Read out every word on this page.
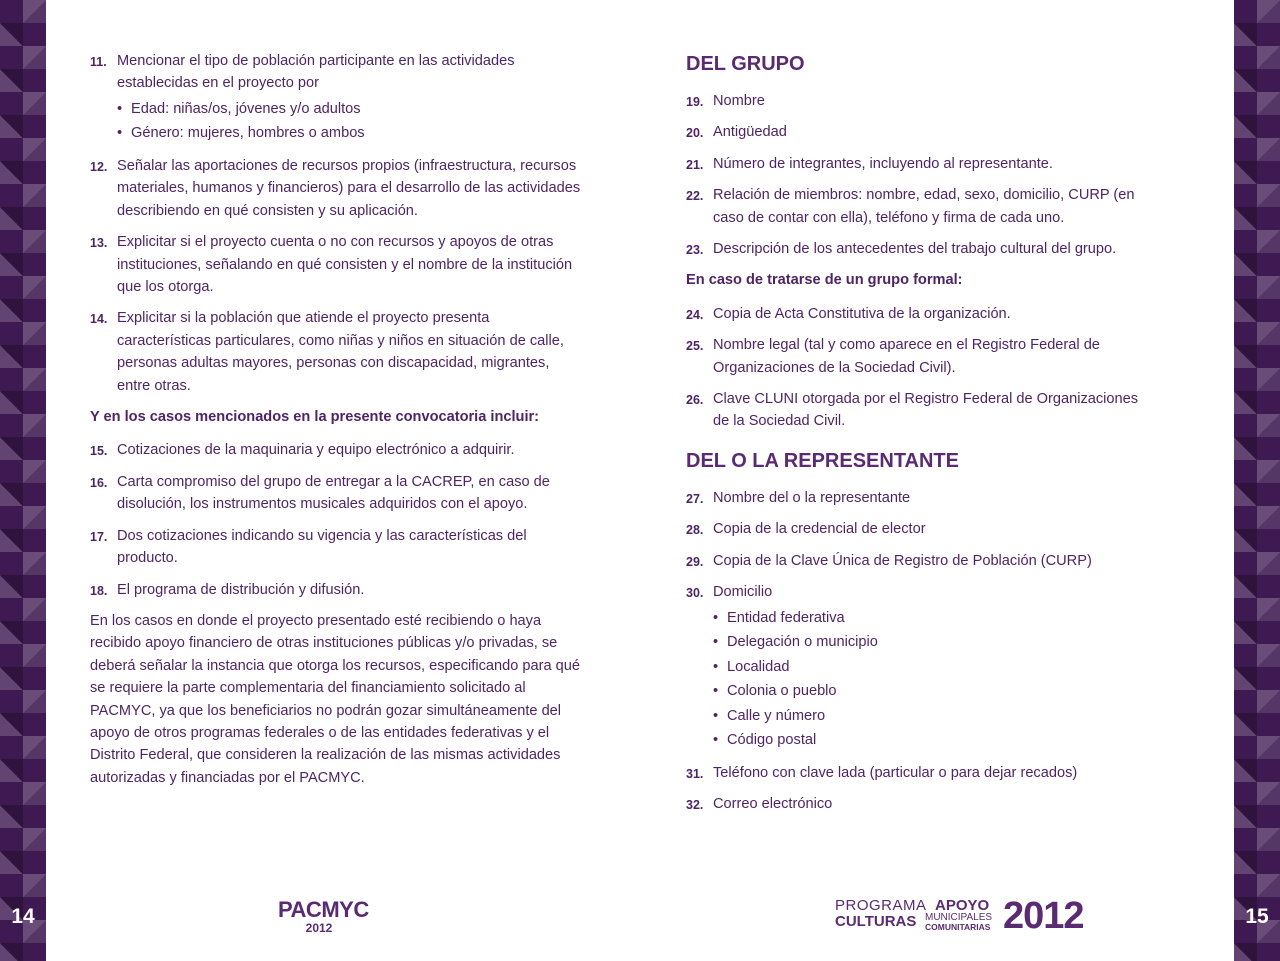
14	15
11. Mencionar el tipo de población participante en las actividades establecidas en el proyecto por
• Edad: niñas/os, jóvenes y/o adultos
• Género: mujeres, hombres o ambos
12. Señalar las aportaciones de recursos propios (infraestructura, recursos materiales, humanos y financieros) para el desarrollo de las actividades describiendo en qué consisten y su aplicación.
13. Explicitar si el proyecto cuenta o no con recursos y apoyos de otras instituciones, señalando en qué consisten y el nombre de la institución que los otorga.
14. Explicitar si la población que atiende el proyecto presenta características particulares, como niñas y niños en situación de calle, personas adultas mayores, personas con discapacidad, migrantes, entre otras.
Y en los casos mencionados en la presente convocatoria incluir:
15. Cotizaciones de la maquinaria y equipo electrónico a adquirir.
16. Carta compromiso del grupo de entregar a la CACREP, en caso de disolución, los instrumentos musicales adquiridos con el apoyo.
17. Dos cotizaciones indicando su vigencia y las características del producto.
18. El programa de distribución y difusión.

En los casos en donde el proyecto presentado esté recibiendo o haya recibido apoyo financiero de otras instituciones públicas y/o privadas, se deberá señalar la instancia que otorga los recursos, especificando para qué se requiere la parte complementaria del financiamiento solicitado al PACMYC, ya que los beneficiarios no podrán gozar simultáneamente del apoyo de otros programas federales o de las entidades federativas y el Distrito Federal, que consideren la realización de las mismas actividades autorizadas y financiadas por el PACMYC.

DEL GRUPO
19. Nombre
20. Antigüedad
21. Número de integrantes, incluyendo al representante.
22. Relación de miembros: nombre, edad, sexo, domicilio, CURP (en caso de contar con ella), teléfono y firma de cada uno.
23. Descripción de los antecedentes del trabajo cultural del grupo.
En caso de tratarse de un grupo formal:
24. Copia de Acta Constitutiva de la organización.
25. Nombre legal (tal y como aparece en el Registro Federal de Organizaciones de la Sociedad Civil).
26. Clave CLUNI otorgada por el Registro Federal de Organizaciones de la Sociedad Civil.
DEL O LA REPRESENTANTE
27. Nombre del o la representante
28. Copia de la credencial de elector
29. Copia de la Clave Única de Registro de Población (CURP)
30. Domicilio
• Entidad federativa
• Delegación o municipio
• Localidad
• Colonia o pueblo
• Calle y número
• Código postal
31. Teléfono con clave lada (particular o para dejar recados)
32. Correo electrónico
PACMYC
2012
PROGRAMA APOYO
CULTURAS MUNICIPALES
COMUNITARIAS 2012
